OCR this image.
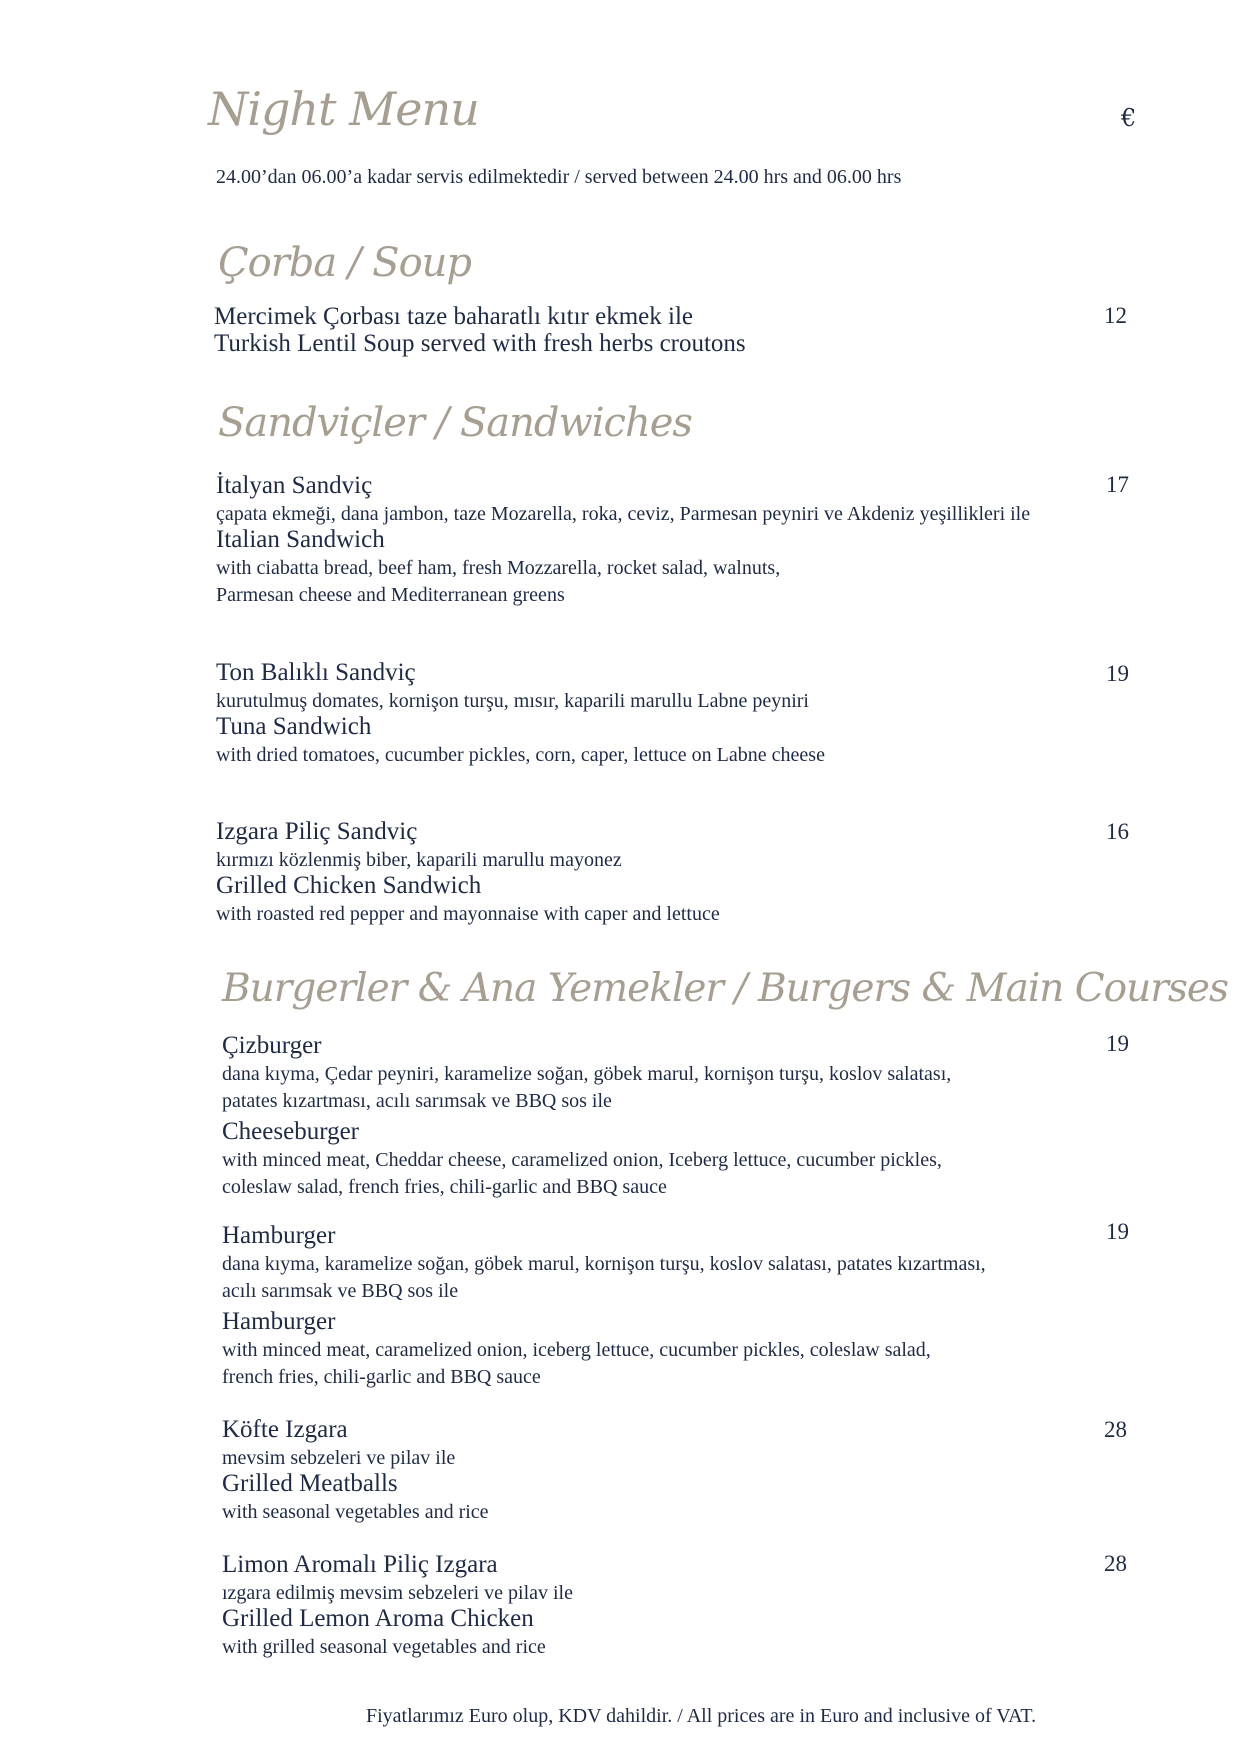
Night Menu	€
24.00’dan 06.00’a kadar servis edilmektedir / served between 24.00 hrs and 06.00 hrs
Çorba / Soup
Mercimek Çorbası taze baharatlı kıtır ekmek ile
Turkish Lentil Soup served with fresh herbs croutons
12
Sandviçler / Sandwiches
İtalyan Sandviç
çapata ekmeği, dana jambon, taze Mozarella, roka, ceviz, Parmesan peyniri ve Akdeniz yeşillikleri ile
Italian Sandwich
with ciabatta bread, beef ham, fresh Mozzarella, rocket salad, walnuts,
Parmesan cheese and Mediterranean greens
17
Ton Balıklı Sandviç
kurutulmuş domates, kornişon turşu, mısır, kaparili marullu Labne peyniri
Tuna Sandwich
with dried tomatoes, cucumber pickles, corn, caper, lettuce on Labne cheese
19
Izgara Piliç Sandviç
kırmızı közlenmiş biber, kaparili marullu mayonez
Grilled Chicken Sandwich
with roasted red pepper and mayonnaise with caper and lettuce
16
Burgerler & Ana Yemekler / Burgers & Main Courses
Çizburger
dana kıyma, Çedar peyniri, karamelize soğan, göbek marul, kornişon turşu, koslov salatası,
patates kızartması, acılı sarımsak ve BBQ sos ile
Cheeseburger
with minced meat, Cheddar cheese, caramelized onion, Iceberg lettuce, cucumber pickles,
coleslaw salad, french fries, chili-garlic and BBQ sauce
19
Hamburger
dana kıyma, karamelize soğan, göbek marul, kornişon turşu, koslov salatası, patates kızartması,
acılı sarımsak ve BBQ sos ile
Hamburger
with minced meat, caramelized onion, iceberg lettuce, cucumber pickles, coleslaw salad,
french fries, chili-garlic and BBQ sauce
19
Köfte Izgara
mevsim sebzeleri ve pilav ile
Grilled Meatballs
with seasonal vegetables and rice
28
Limon Aromalı Piliç Izgara
ızgara edilmiş mevsim sebzeleri ve pilav ile
Grilled Lemon Aroma Chicken
with grilled seasonal vegetables and rice
28
Fiyatlarımız Euro olup, KDV dahildir. / All prices are in Euro and inclusive of VAT.
